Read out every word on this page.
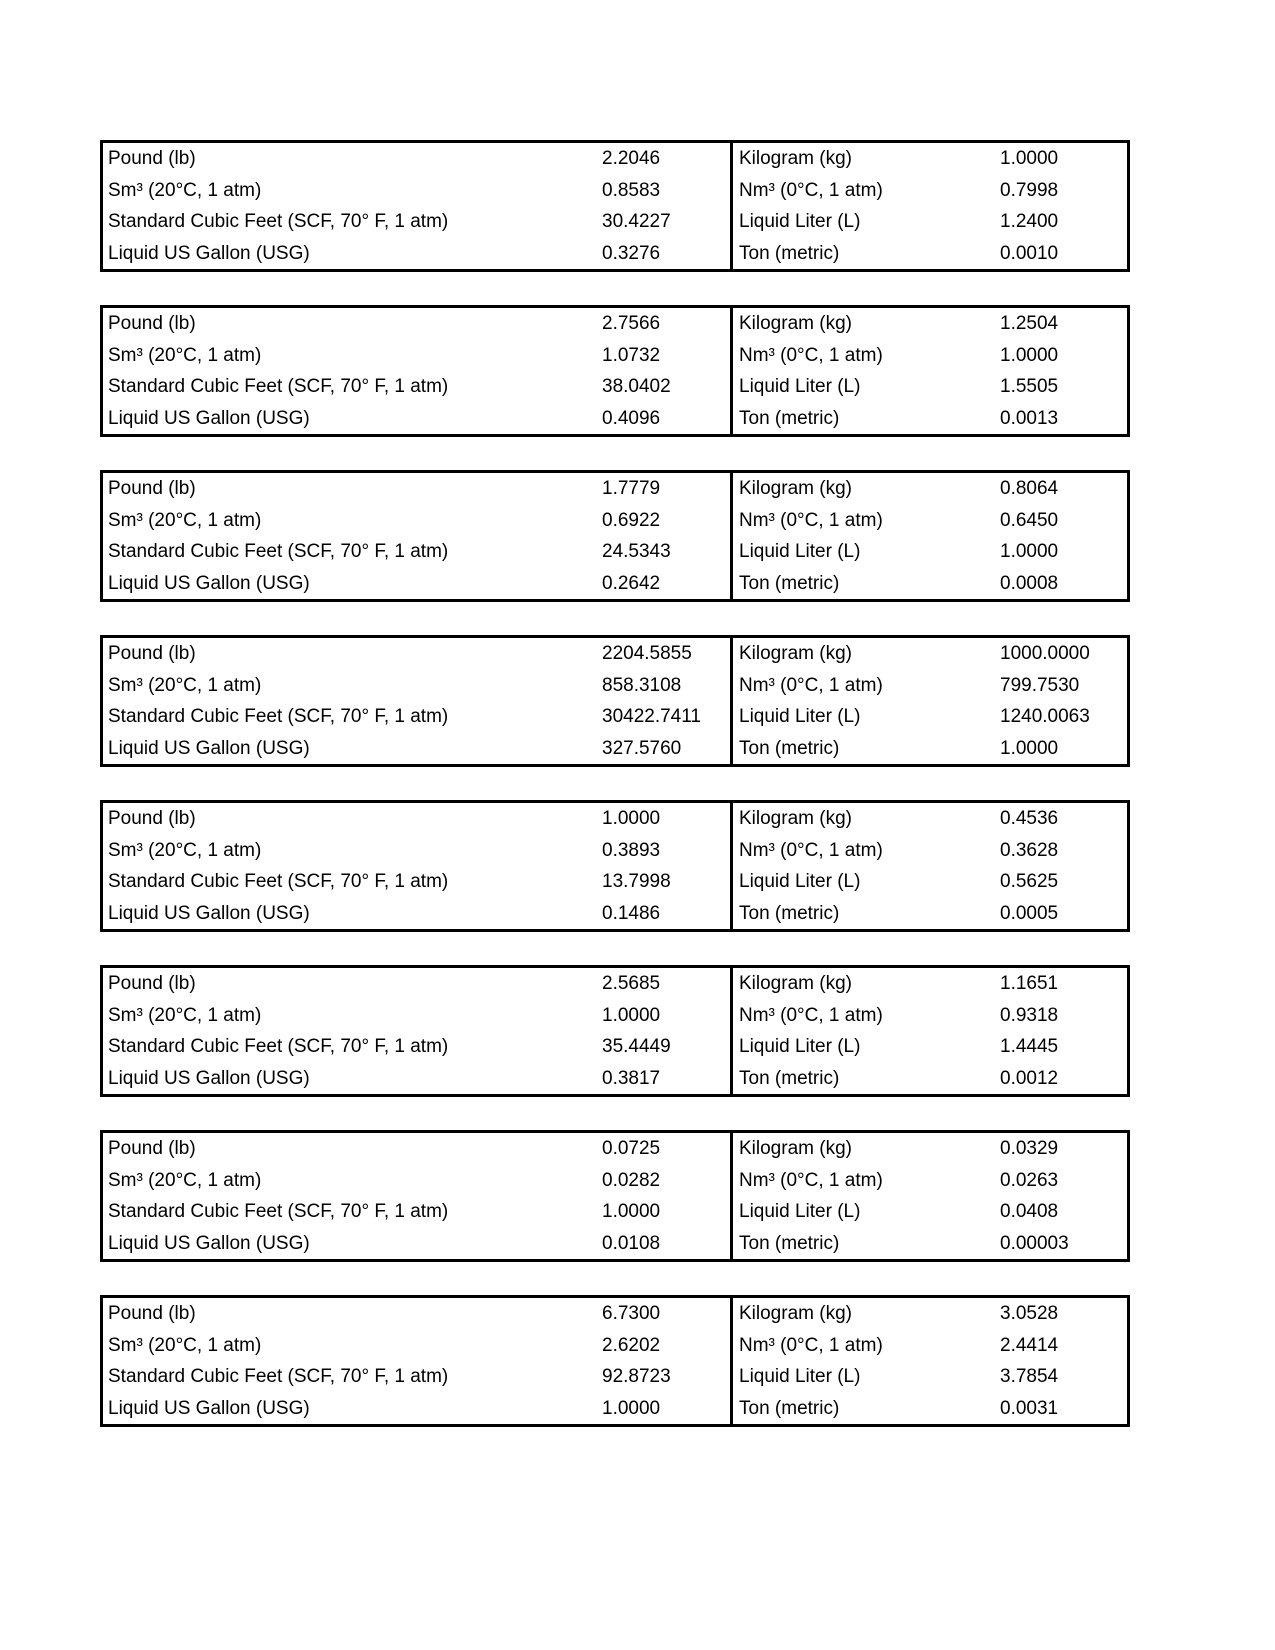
Pound (lb)	2.2046	Kilogram (kg)	1.0000
Sm³ (20°C, 1 atm)	0.8583	Nm³ (0°C, 1 atm)	0.7998
Standard Cubic Feet (SCF, 70° F, 1 atm)	30.4227	Liquid Liter (L)	1.2400
Liquid US Gallon (USG)	0.3276	Ton (metric)	0.0010
Pound (lb)	2.7566	Kilogram (kg)	1.2504
Sm³ (20°C, 1 atm)	1.0732	Nm³ (0°C, 1 atm)	1.0000
Standard Cubic Feet (SCF, 70° F, 1 atm)	38.0402	Liquid Liter (L)	1.5505
Liquid US Gallon (USG)	0.4096	Ton (metric)	0.0013
Pound (lb)	1.7779	Kilogram (kg)	0.8064
Sm³ (20°C, 1 atm)	0.6922	Nm³ (0°C, 1 atm)	0.6450
Standard Cubic Feet (SCF, 70° F, 1 atm)	24.5343	Liquid Liter (L)	1.0000
Liquid US Gallon (USG)	0.2642	Ton (metric)	0.0008
Pound (lb)	2204.5855	Kilogram (kg)	1000.0000
Sm³ (20°C, 1 atm)	858.3108	Nm³ (0°C, 1 atm)	799.7530
Standard Cubic Feet (SCF, 70° F, 1 atm)	30422.7411	Liquid Liter (L)	1240.0063
Liquid US Gallon (USG)	327.5760	Ton (metric)	1.0000
Pound (lb)	1.0000	Kilogram (kg)	0.4536
Sm³ (20°C, 1 atm)	0.3893	Nm³ (0°C, 1 atm)	0.3628
Standard Cubic Feet (SCF, 70° F, 1 atm)	13.7998	Liquid Liter (L)	0.5625
Liquid US Gallon (USG)	0.1486	Ton (metric)	0.0005
Pound (lb)	2.5685	Kilogram (kg)	1.1651
Sm³ (20°C, 1 atm)	1.0000	Nm³ (0°C, 1 atm)	0.9318
Standard Cubic Feet (SCF, 70° F, 1 atm)	35.4449	Liquid Liter (L)	1.4445
Liquid US Gallon (USG)	0.3817	Ton (metric)	0.0012
Pound (lb)	0.0725	Kilogram (kg)	0.0329
Sm³ (20°C, 1 atm)	0.0282	Nm³ (0°C, 1 atm)	0.0263
Standard Cubic Feet (SCF, 70° F, 1 atm)	1.0000	Liquid Liter (L)	0.0408
Liquid US Gallon (USG)	0.0108	Ton (metric)	0.00003
Pound (lb)	6.7300	Kilogram (kg)	3.0528
Sm³ (20°C, 1 atm)	2.6202	Nm³ (0°C, 1 atm)	2.4414
Standard Cubic Feet (SCF, 70° F, 1 atm)	92.8723	Liquid Liter (L)	3.7854
Liquid US Gallon (USG)	1.0000	Ton (metric)	0.0031
